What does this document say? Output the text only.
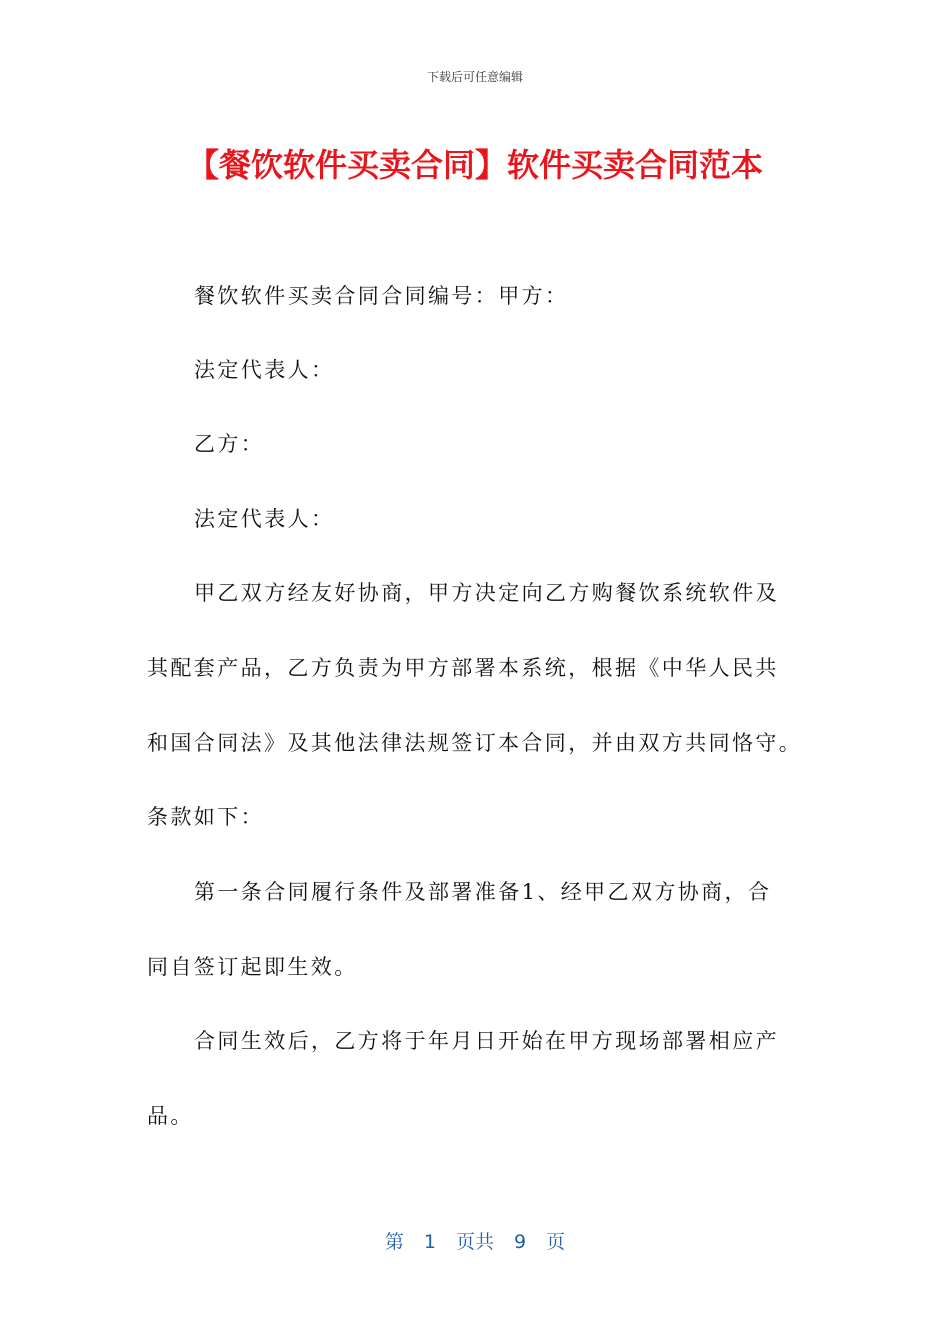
下载后可任意编辑
【餐饮软件买卖合同】软件买卖合同范本

餐饮软件买卖合同合同编号：甲方：

法定代表人：

乙方：

法定代表人：

甲乙双方经友好协商，甲方决定向乙方购餐饮系统软件及

其配套产品，乙方负责为甲方部署本系统，根据《中华人民共

和国合同法》及其他法律法规签订本合同，并由双方共同恪守。

条款如下：

第一条合同履行条件及部署准备1、经甲乙双方协商，合

同自签订起即生效。

合同生效后，乙方将于年月日开始在甲方现场部署相应产

品。

第 1 页共 9 页
